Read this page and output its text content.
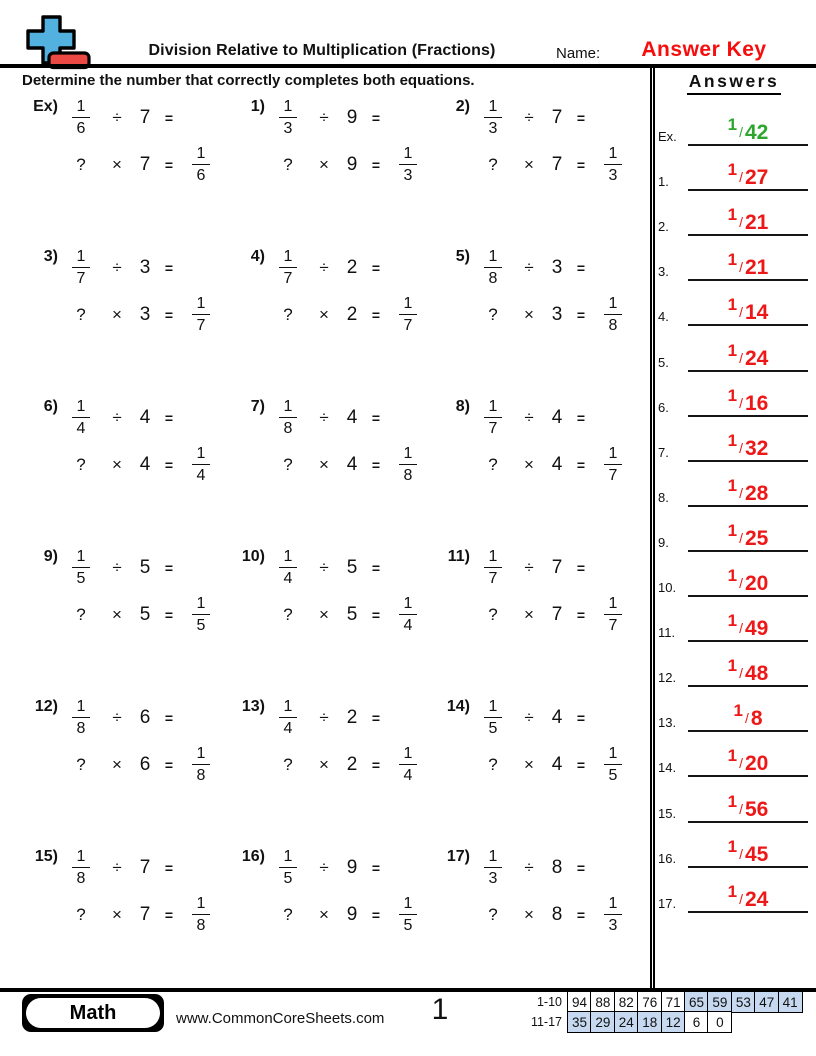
Division Relative to Multiplication (Fractions)	Name:	Answer Key
Determine the number that correctly completes both equations.
$Ex) \frac{1}{6} \div 7$ =
? × $7 = \frac{1}{6}$
$1) \frac{1}{3} \div 9$ =
? × $9 = \frac{1}{3}$
$2) \frac{1}{3} \div 7$ =
? × $7 = \frac{1}{3}$
$3) \frac{1}{7} \div 3$ =
? × $3 = \frac{1}{7}$
$4) \frac{1}{7} \div 2$ =
? × $2 = \frac{1}{7}$
$5) \frac{1}{8} \div 3$ =
? × $3 = \frac{1}{8}$
$6) \frac{1}{4} \div 4$ =
? × $4 = \frac{1}{4}$
$7) \frac{1}{8} \div 4$ =
? × $4 = \frac{1}{8}$
$8) \frac{1}{7} \div 4$ =
? × $4 = \frac{1}{7}$
$9) \frac{1}{5} \div 5$ =
? × $5 = \frac{1}{5}$
$10) \frac{1}{4} \div 5$ =
? × $5 = \frac{1}{4}$
$11) \frac{1}{7} \div 7$ =
? × $7 = \frac{1}{7}$
$12) \frac{1}{8} \div 6$ =
? × $6 = \frac{1}{8}$
$13) \frac{1}{4} \div 2$ =
? × $2 = \frac{1}{4}$
$14) \frac{1}{5} \div 4$ =
? × $4 = \frac{1}{5}$
$15) \frac{1}{8} \div 7$ =
? × $7 = \frac{1}{8}$
$16) \frac{1}{5} \div 9$ =
? × $9 = \frac{1}{5}$
$17) \frac{1}{3} \div 8$ =
? × $8 = \frac{1}{3}$
Answers
Ex.
1 / 42
1.
1 / 27
2.
1 / 21
3.
1 / 21
4.
1 / 14
5.
1 / 24
6.
1 / 16
7.
1 / 32
8.
1 / 28
9.
1 / 25
10.
1 / 20
11.
1 / 49
12.
1 / 48
13.
1 / 8
14.
1 / 20
15.
1 / 56
16.
1 / 45
17.
1 / 24
Math	www.CommonCoreSheets.com	1	1-10 94 88 82 76 71 65 59 53 47 41
11-17 35 29 24 18 12 6	0
